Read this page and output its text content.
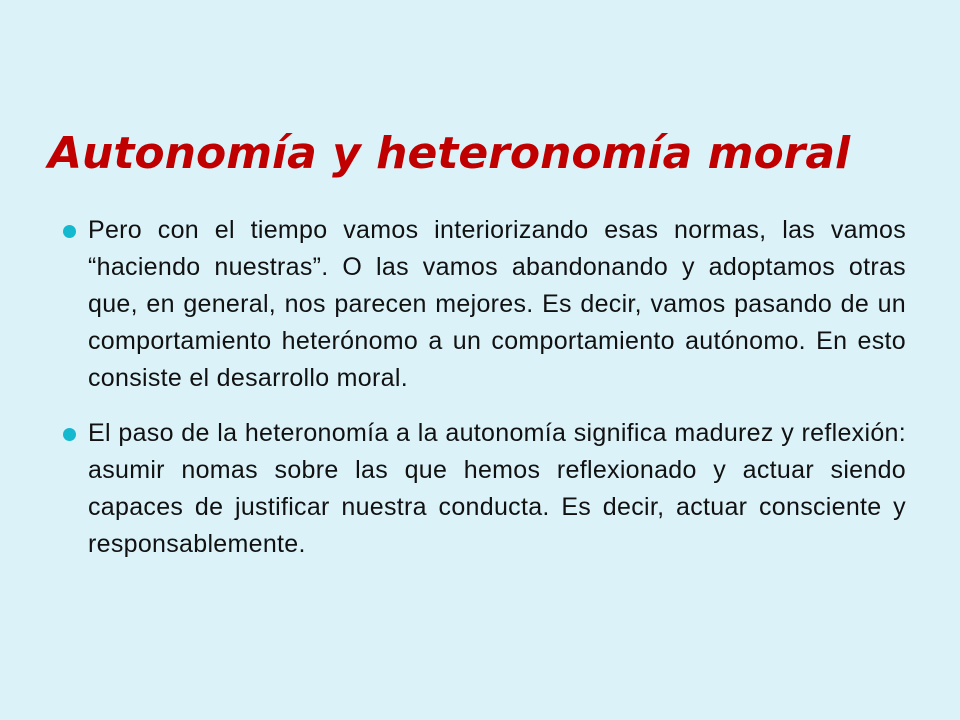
Autonomía y heteronomía moral
Pero con el tiempo vamos interiorizando esas normas, las vamos “haciendo nuestras”. O las vamos abandonando y adoptamos otras que, en general, nos parecen mejores. Es decir, vamos pasando de un comportamiento heterónomo a un comportamiento autónomo. En esto consiste el desarrollo moral.
El paso de la heteronomía a la autonomía significa madurez y reflexión: asumir nomas sobre las que hemos reflexionado y actuar siendo capaces de justificar nuestra conducta. Es decir, actuar consciente y responsablemente.
